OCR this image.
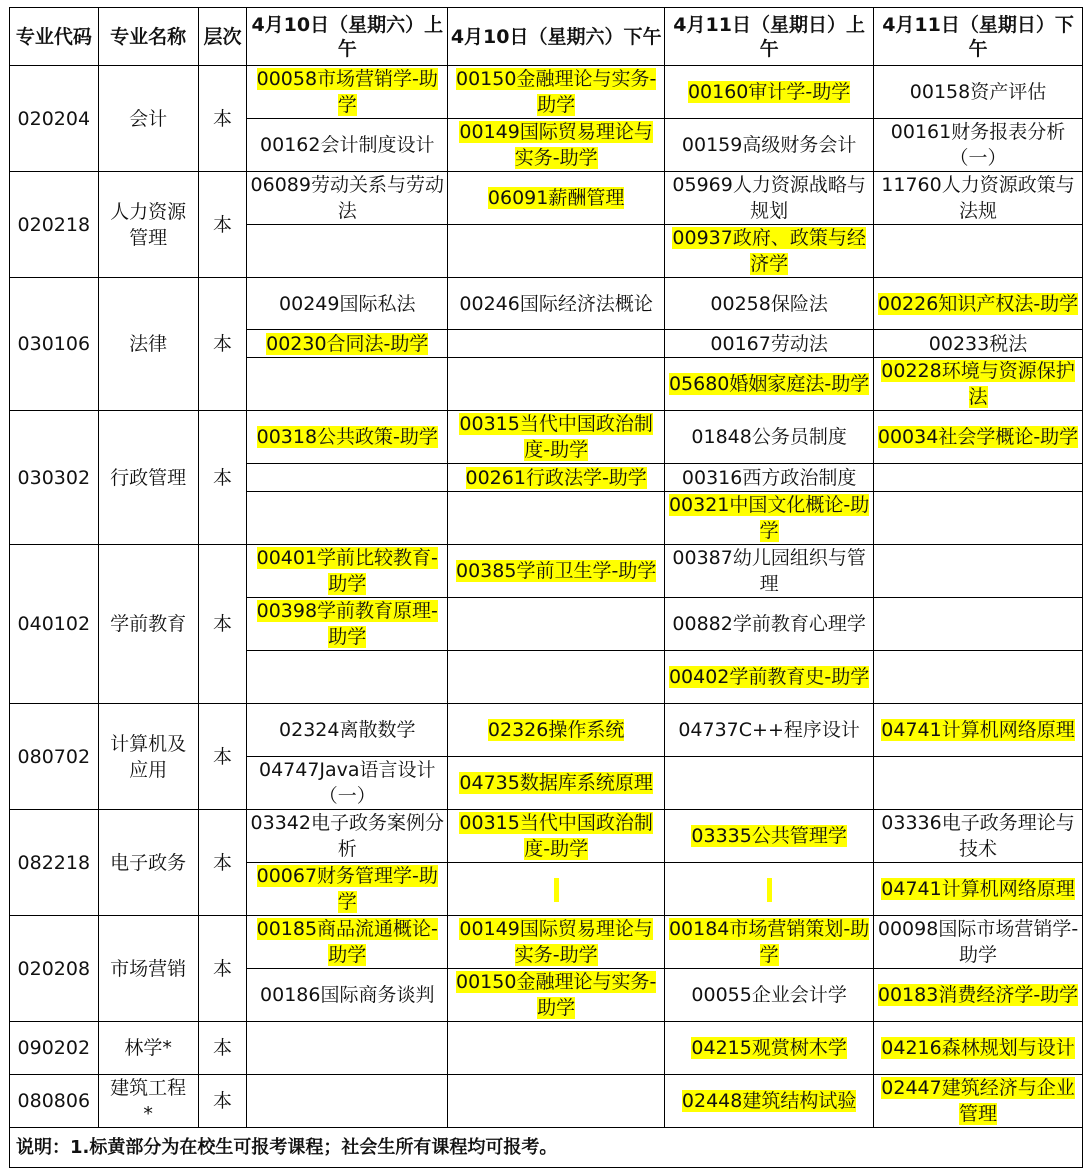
专业代码	专业名称	层次	4月10日（星期六）上午	4月10日（星期六）下午	4月11日（星期日）上午	4月11日（星期日）下午
020204	会计	本	00058市场营销学-助学	00150金融理论与实务-助学	00160审计学-助学	00158资产评估
			00162会计制度设计	00149国际贸易理论与实务-助学	00159高级财务会计	00161财务报表分析（一）
020218	人力资源管理	本	06089劳动关系与劳动法	06091薪酬管理	05969人力资源战略与规划	11760人力资源政策与法规
					00937政府、政策与经济学	
030106	法律	本	00249国际私法	00246国际经济法概论	00258保险法	00226知识产权法-助学
			00230合同法-助学		00167劳动法	00233税法
					05680婚姻家庭法-助学	00228环境与资源保护法
030302	行政管理	本	00318公共政策-助学	00315当代中国政治制度-助学	01848公务员制度	00034社会学概论-助学
				00261行政法学-助学	00316西方政治制度	
					00321中国文化概论-助学	
040102	学前教育	本	00401学前比较教育-助学	00385学前卫生学-助学	00387幼儿园组织与管理	
			00398学前教育原理-助学		00882学前教育心理学	
					00402学前教育史-助学	
080702	计算机及应用	本	02324离散数学	02326操作系统	04737C++程序设计	04741计算机网络原理
			04747Java语言设计（一）	04735数据库系统原理		
082218	电子政务	本	03342电子政务案例分析	00315当代中国政治制度-助学	03335公共管理学	03336电子政务理论与技术
			00067财务管理学-助学			04741计算机网络原理
020208	市场营销	本	00185商品流通概论-助学	00149国际贸易理论与实务-助学	00184市场营销策划-助学	00098国际市场营销学-助学
			00186国际商务谈判	00150金融理论与实务-助学	00055企业会计学	00183消费经济学-助学
090202	林学*	本			04215观赏树木学	04216森林规划与设计
080806	建筑工程*	本			02448建筑结构试验	02447建筑经济与企业管理
说明：1.标黄部分为在校生可报考课程；社会生所有课程均可报考。						
